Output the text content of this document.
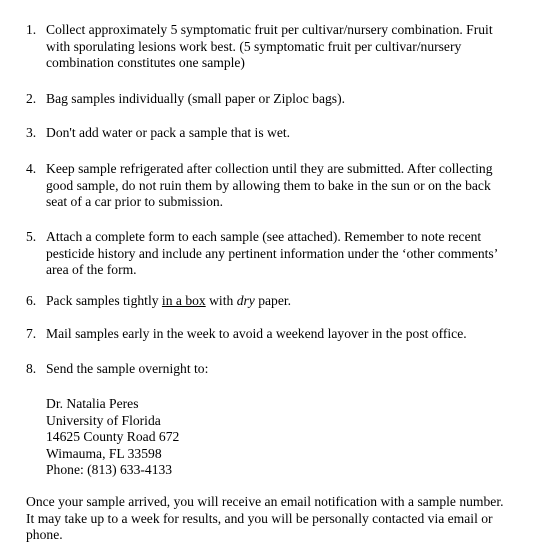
1. Collect approximately 5 symptomatic fruit per cultivar/nursery combination. Fruit
with sporulating lesions work best. (5 symptomatic fruit per cultivar/nursery
combination constitutes one sample)
2. Bag samples individually (small paper or Ziploc bags).
3. Don't add water or pack a sample that is wet.
4. Keep sample refrigerated after collection until they are submitted. After collecting
good sample, do not ruin them by allowing them to bake in the sun or on the back
seat of a car prior to submission.
5. Attach a complete form to each sample (see attached). Remember to note recent
pesticide history and include any pertinent information under the ‘other comments’
area of the form.
6. Pack samples tightly in a box with dry paper.
7. Mail samples early in the week to avoid a weekend layover in the post office.
8. Send the sample overnight to:
Dr. Natalia Peres
University of Florida
14625 County Road 672
Wimauma, FL 33598
Phone: (813) 633-4133
Once your sample arrived, you will receive an email notification with a sample number.
It may take up to a week for results, and you will be personally contacted via email or
phone.
